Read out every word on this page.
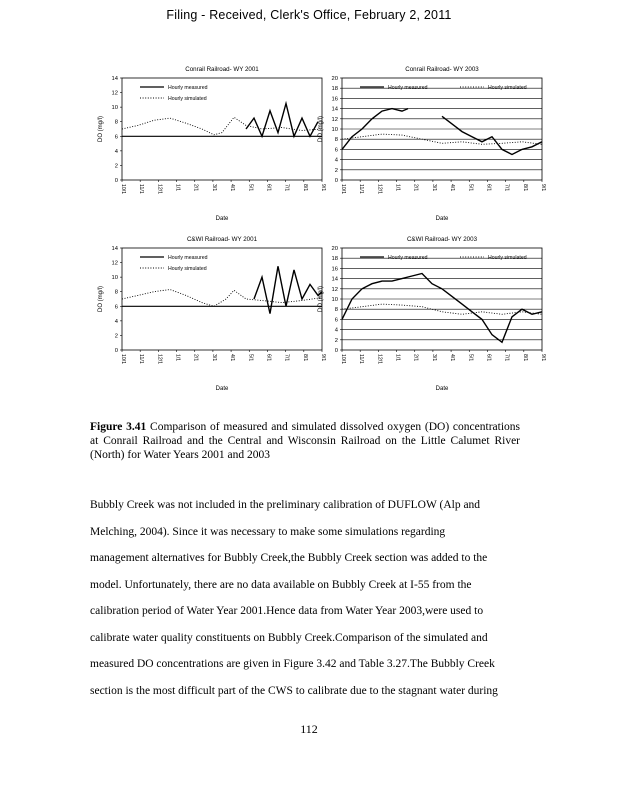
Filing - Received, Clerk's Office, February 2, 2011
Conrail Railroad- WY 2001
0
2
4
6
8
10
12
14
10/1 11/1 12/1 1/1 2/1 3/1 4/1 5/1 6/1 7/1 8/1 9/1
DO (mg/l)
Date
Hourly measured
Hourly simulated
Conrail Railroad- WY 2003
0
2
4
6
8
10
12
14
16
18
20
10/1 11/1 12/1 1/1 2/1 3/1 4/1 5/1 6/1 7/1 8/1 9/1
DO (mg/l)
Date
Hourly measured	Hourly simulated
C&WI Railroad- WY 2001
0
2
4
6
8
10
12
14
10/1 11/1 12/1 1/1 2/1 3/1 4/1 5/1 6/1 7/1 8/1 9/1
DO (mg/l)
Date
Hourly measured
Hourly simulated
C&WI Railroad- WY 2003
0
2
4
6
8
10
12
14
16
18
20
10/1 11/1 12/1 1/1 2/1 3/1 4/1 5/1 6/1 7/1 8/1 9/1
DO (mg/l)
Date
Hourly measured	Hourly simulated
Figure 3.41 Comparison of measured and simulated dissolved oxygen (DO) concentrations at Conrail Railroad and the Central and Wisconsin Railroad on the Little Calumet River (North) for Water Years 2001 and 2003
Bubbly Creek was not included in the preliminary calibration of DUFLOW (Alp and
Melching, 2004). Since it was necessary to make some simulations regarding
management alternatives for Bubbly Creek,the Bubbly Creek section was added to the
model. Unfortunately, there are no data available on Bubbly Creek at I-55 from the
calibration period of Water Year 2001.Hence data from Water Year 2003,were used to
calibrate water quality constituents on Bubbly Creek.Comparison of the simulated and
measured DO concentrations are given in Figure 3.42 and Table 3.27.The Bubbly Creek
section is the most difficult part of the CWS to calibrate due to the stagnant water during
112
